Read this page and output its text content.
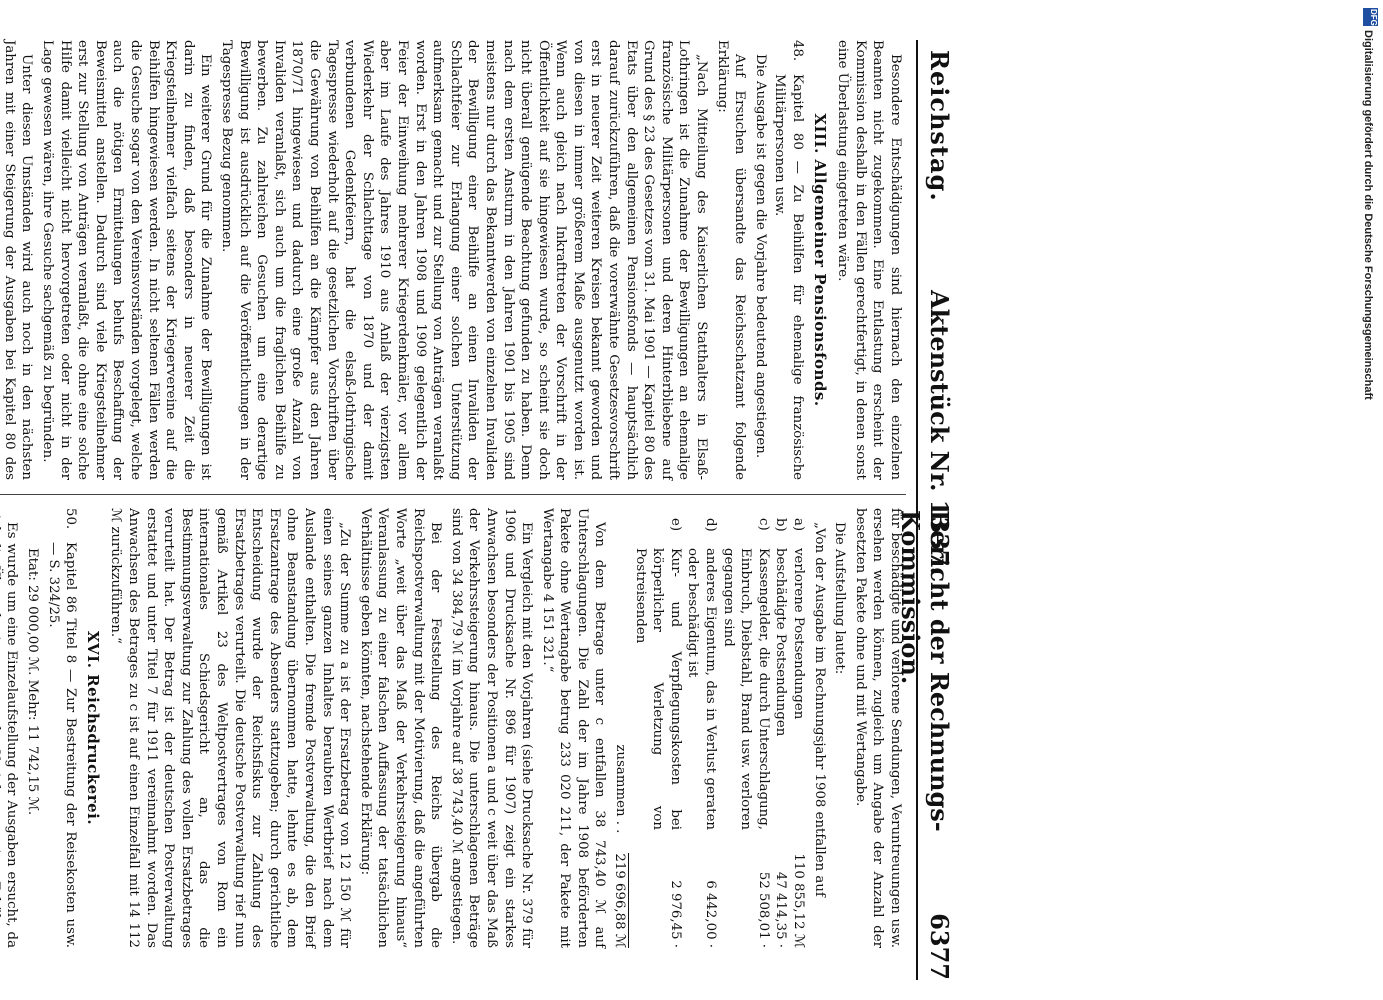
Reichstag.
Aktenstück Nr. 1337.
Bericht der Rechnungs-Kommission.
6377

Besondere Entschädigungen sind hiernach den einzelnen Beamten nicht zugekommen. Eine Entlastung erscheint der Kommission deshalb in den Fällen gerechtfertigt, in denen sonst eine Überlastung eingetreten wäre.

XIII. Allgemeiner Pensionsfonds.
48.
Kapitel 80 — Zu Beihilfen für ehemalige französische Militärpersonen usw.

Die Ausgabe ist gegen die Vorjahre bedeutend angestiegen.

Auf Ersuchen übersandte das Reichsschatzamt folgende Erklärung:

„Nach Mitteilung des Kaiserlichen Statthalters in Elsaß-Lothringen ist die Zunahme der Bewilligungen an ehemalige französische Militärpersonen und deren Hinterbliebene auf Grund des § 23 des Gesetzes vom 31. Mai 1901 — Kapitel 80 des Etats über den allgemeinen Pensionsfonds — hauptsächlich darauf zurückzuführen, daß die vorerwähnte Gesetzesvorschrift erst in neuerer Zeit weiteren Kreisen bekannt geworden und von diesen in immer größerem Maße ausgenutzt worden ist. Wenn auch gleich nach Inkrafttreten der Vorschrift in der Öffentlichkeit auf sie hingewiesen wurde, so scheint sie doch nicht überall genügende Beachtung gefunden zu haben. Denn nach dem ersten Ansturm in den Jahren 1901 bis 1905 sind meistens nur durch das Bekanntwerden von einzelnen Invaliden der Bewilligung einer Beihilfe an einen Invaliden der Schlachtfeier zur Erlangung einer solchen Unterstützung aufmerksam gemacht und zur Stellung von Anträgen veranlaßt worden. Erst in den Jahren 1908 und 1909 gelegentlich der Feier der Einweihung mehrerer Kriegerdenkmäler, vor allem aber im Laufe des Jahres 1910 aus Anlaß der vierzigsten Wiederkehr der Schlachttage von 1870 und der damit verbundenen Gedenkfeiern, hat die elsaß-lothringische Tagespresse wiederholt auf die gesetzlichen Vorschriften über die Gewährung von Beihilfen an die Kämpfer aus den Jahren 1870/71 hingewiesen und dadurch eine große Anzahl von Invaliden veranlaßt, sich auch um die fraglichen Beihilfe zu bewerben. Zu zahlreichen Gesuchen um eine derartige Bewilligung ist ausdrücklich auf die Veröffentlichungen in der Tagespresse Bezug genommen.

Ein weiterer Grund für die Zunahme der Bewilligungen ist darin zu finden, daß besonders in neuerer Zeit die Kriegsteilnehmer vielfach seitens der Kriegervereine auf die Beihilfen hingewiesen werden. In nicht seltenen Fällen werden die Gesuche sogar von den Vereinsvorständen vorgelegt, welche auch die nötigen Ermittelungen behufs Beschaffung der Beweismittel anstellen. Dadurch sind viele Kriegsteilnehmer erst zur Stellung von Anträgen veranlaßt, die ohne eine solche Hilfe damit vielleicht nicht hervorgetreten oder nicht in der Lage gewesen wären, ihre Gesuche sachgemäß zu begründen.

Unter diesen Umständen wird auch noch in den nächsten Jahren mit einer Steigerung der Ausgaben bei Kapitel 80 des

für beschädigte und verlorene Sendungen, Veruntreuungen usw. ersehen werden können, zugleich um Angabe der Anzahl der besetzten Pakete ohne und mit Wertangabe.

Die Aufstellung lautet:

„Von der Ausgabe im Rechnungsjahr 1908 entfallen auf

a)
verlorene Postsendungen
110 855,12 ℳ
b)
beschädigte Postsendungen
47 414,35 ·
c)
Kassengelder, die durch Unterschlagung, Einbruch, Diebstahl, Brand usw. verloren gegangen sind
52 508,01 ·
d)
anderes Eigentum, das in Verlust geraten oder beschädigt ist
6 442,00 ·
e)
Kur- und Verpflegungskosten bei körperlicher Verletzung von Postreisenden
2 976,45 ·
zusammen . .
219 696,88 ℳ

Von dem Betrage unter c entfallen 38 743,40 ℳ auf Unterschlagungen. Die Zahl der im Jahre 1908 beförderten Pakete ohne Wertangabe betrug 233 020 211, der Pakete mit Wertangabe 4 151 321.“

Ein Vergleich mit den Vorjahren (siehe Drucksache Nr. 379 für 1906 und Drucksache Nr. 896 für 1907) zeigt ein starkes Anwachsen besonders der Positionen a und c weit über das Maß der Verkehrssteigerung hinaus. Die unterschlagenen Beträge sind von 34 384,79 ℳ im Vorjahre auf 38 743,40 ℳ angestiegen.

Bei der Feststellung des Reichs übergab die Reichspostverwaltung mit der Motivierung, daß die angeführten Worte „weit über das Maß der Verkehrssteigerung hinaus“ Veranlassung zu einer falschen Auffassung der tatsächlichen Verhältnisse geben könnten, nachstehende Erklärung:

„Zu der Summe zu a ist der Ersatzbetrag von 12 150 ℳ für einen seines ganzen Inhaltes beraubten Wertbrief nach dem Auslande enthalten. Die fremde Postverwaltung, die den Brief ohne Beanstandung übernommen hatte, lehnte es ab, dem Ersatzantrage des Absenders stattzugeben; durch gerichtliche Entscheidung wurde der Reichsfiskus zur Zahlung des Ersatzbetrages verurteilt. Die deutsche Postverwaltung rief nun gemäß Artikel 23 des Weltpostvertrages von Rom ein internationales Schiedsgericht an, das die Bestimmungsverwaltung zur Zahlung des vollen Ersatzbetrages verurteilt hat. Der Betrag ist der deutschen Postverwaltung erstattet und unter Titel 7 für 1911 vereinnahmt worden. Das Anwachsen des Betrages zu c ist auf einen Einzelfall mit 14 112 ℳ zurückzuführen.“

XVI. Reichsdruckerei.
50.
Kapitel 86 Titel 8 — Zur Bestreitung der Reisekosten usw. — S. 324/25.
Etat: 29 000,00 ℳ. Mehr: 11 742,15 ℳ.

Es wurde um eine Einzelaufstellung der Ausgaben ersucht, da

DFG
Digitalisierung gefördert durch die Deutsche Forschungsgemeinschaft
